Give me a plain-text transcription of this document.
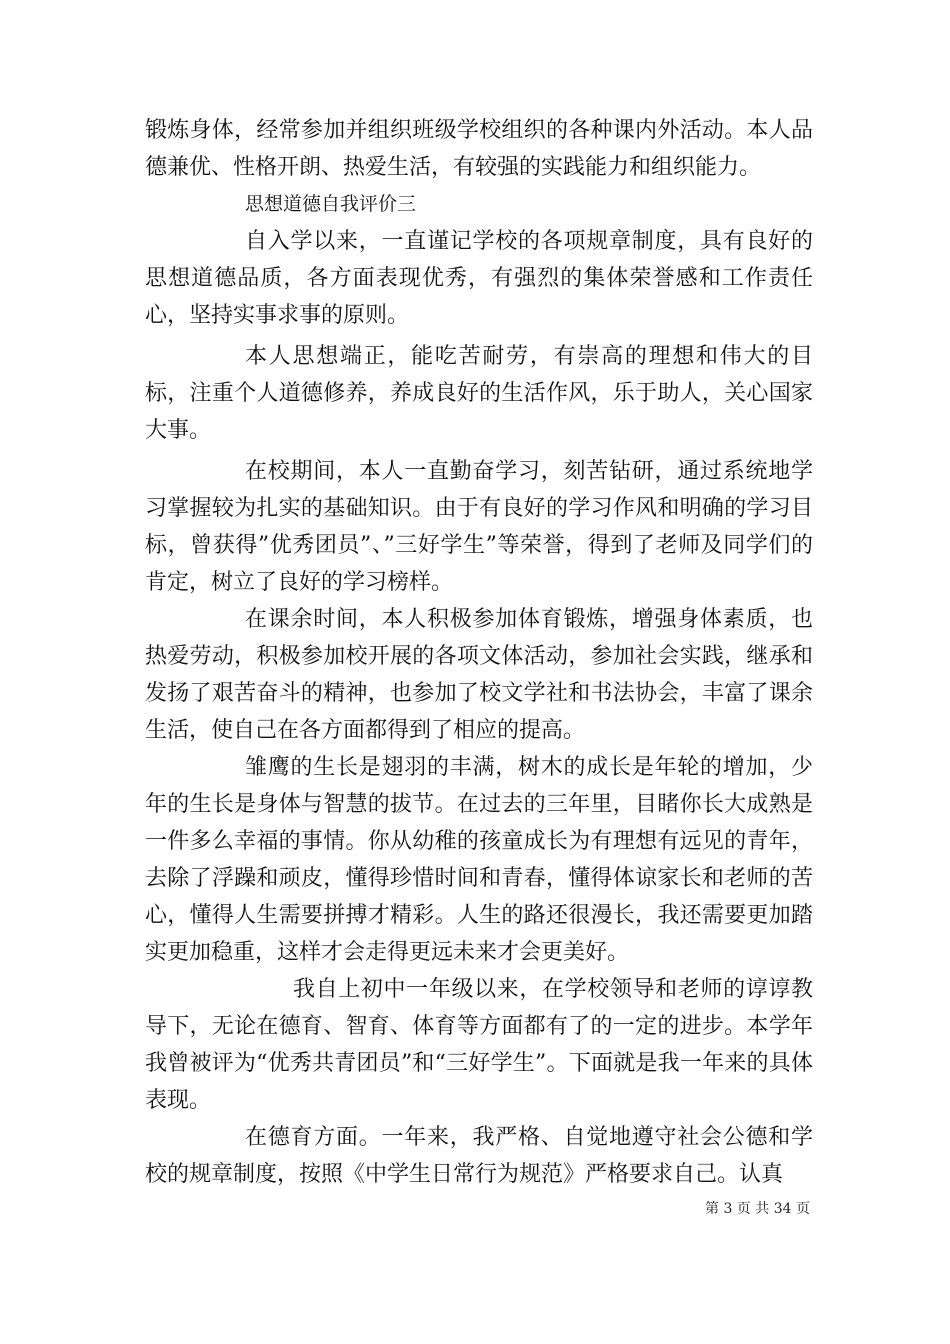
锻炼身体，经常参加并组织班级学校组织的各种课内外活动。本人品德兼优、性格开朗、热爱生活，有较强的实践能力和组织能力。

思想道德自我评价三

自入学以来，一直谨记学校的各项规章制度，具有良好的思想道德品质，各方面表现优秀，有强烈的集体荣誉感和工作责任心，坚持实事求事的原则。

本人思想端正，能吃苦耐劳，有崇高的理想和伟大的目标，注重个人道德修养，养成良好的生活作风，乐于助人，关心国家大事。

在校期间，本人一直勤奋学习，刻苦钻研，通过系统地学习掌握较为扎实的基础知识。由于有良好的学习作风和明确的学习目标，曾获得”优秀团员”、”三好学生”等荣誉，得到了老师及同学们的肯定，树立了良好的学习榜样。

在课余时间，本人积极参加体育锻炼，增强身体素质，也热爱劳动，积极参加校开展的各项文体活动，参加社会实践，继承和发扬了艰苦奋斗的精神，也参加了校文学社和书法协会，丰富了课余生活，使自己在各方面都得到了相应的提高。

雏鹰的生长是翅羽的丰满，树木的成长是年轮的增加，少年的生长是身体与智慧的拔节。在过去的三年里，目睹你长大成熟是一件多么幸福的事情。你从幼稚的孩童成长为有理想有远见的青年，去除了浮躁和顽皮，懂得珍惜时间和青春，懂得体谅家长和老师的苦心，懂得人生需要拼搏才精彩。人生的路还很漫长，我还需要更加踏实更加稳重，这样才会走得更远未来才会更美好。

我自上初中一年级以来，在学校领导和老师的谆谆教导下，无论在德育、智育、体育等方面都有了的一定的进步。本学年我曾被评为“优秀共青团员”和“三好学生”。下面就是我一年来的具体表现。

在德育方面。一年来，我严格、自觉地遵守社会公德和学校的规章制度，按照《中学生日常行为规范》严格要求自己。认真

第 3 页 共 34 页
